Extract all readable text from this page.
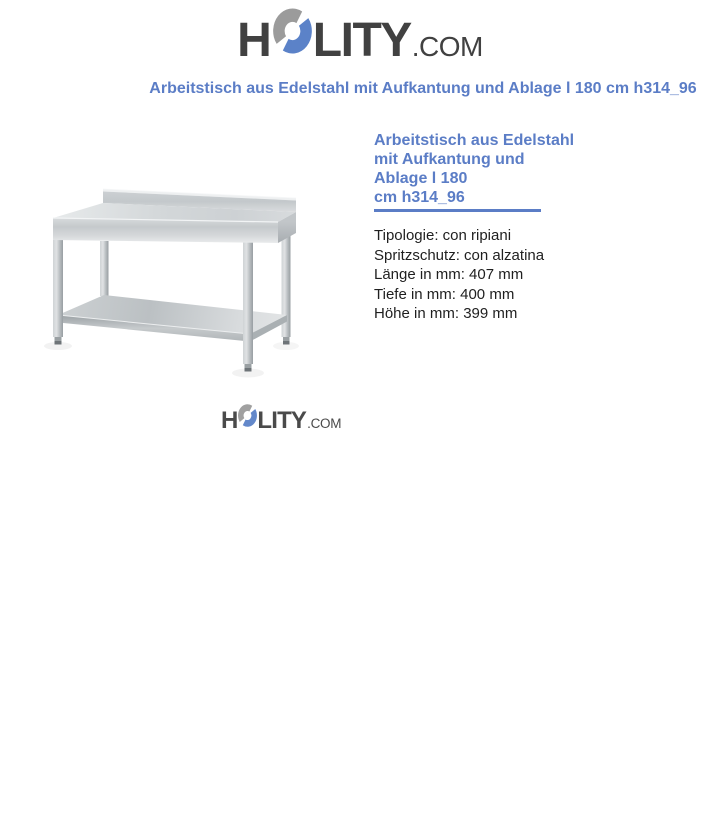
H LITY .COM
Arbeitstisch aus Edelstahl mit Aufkantung und Ablage l 180 cm h314_96
Arbeitstisch aus Edelstahl
mit Aufkantung und
Ablage l 180
cm h314_96
Tipologie: con ripiani
Spritzschutz: con alzatina
Länge in mm: 407 mm
Tiefe in mm: 400 mm
Höhe in mm: 399 mm
H LITY .COM
